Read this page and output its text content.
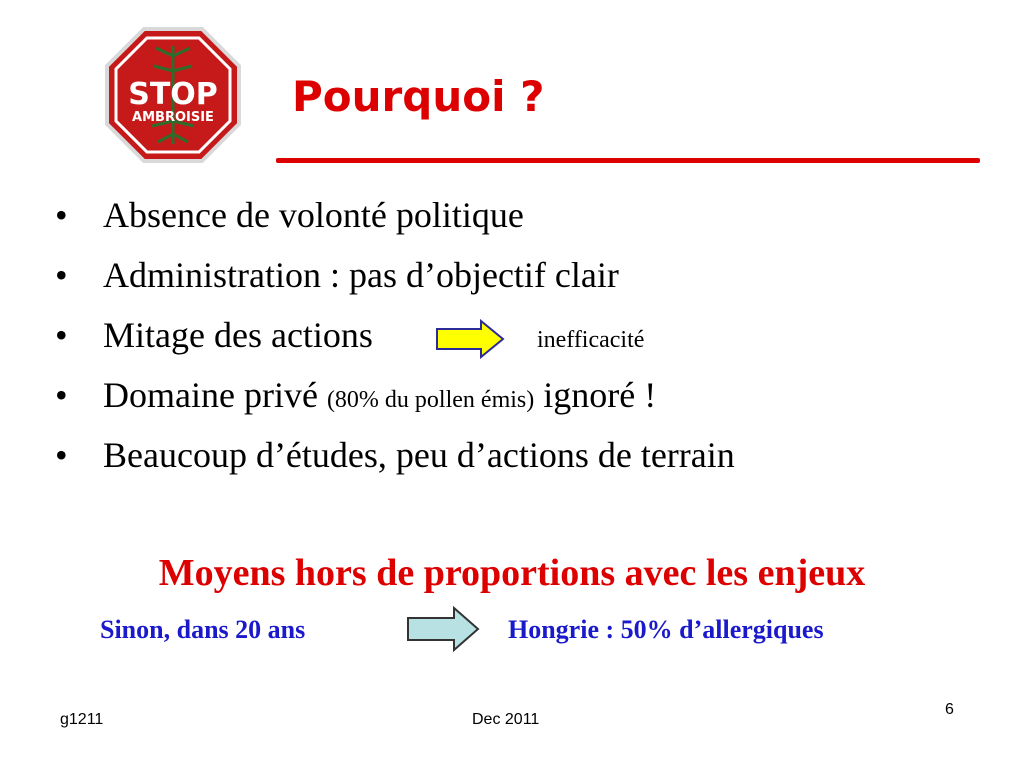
STOP
AMBROISIE Pourquoi ?
• Absence de volonté politique
• Administration : pas d’objectif clair
• Mitage des actions	inefficacité
• Domaine privé (80% du pollen émis) ignoré !
• Beaucoup d’études, peu d’actions de terrain
Moyens hors de proportions avec les enjeux
Sinon, dans 20 ans	Hongrie : 50% d’allergiques
g1211	Dec 2011
6
